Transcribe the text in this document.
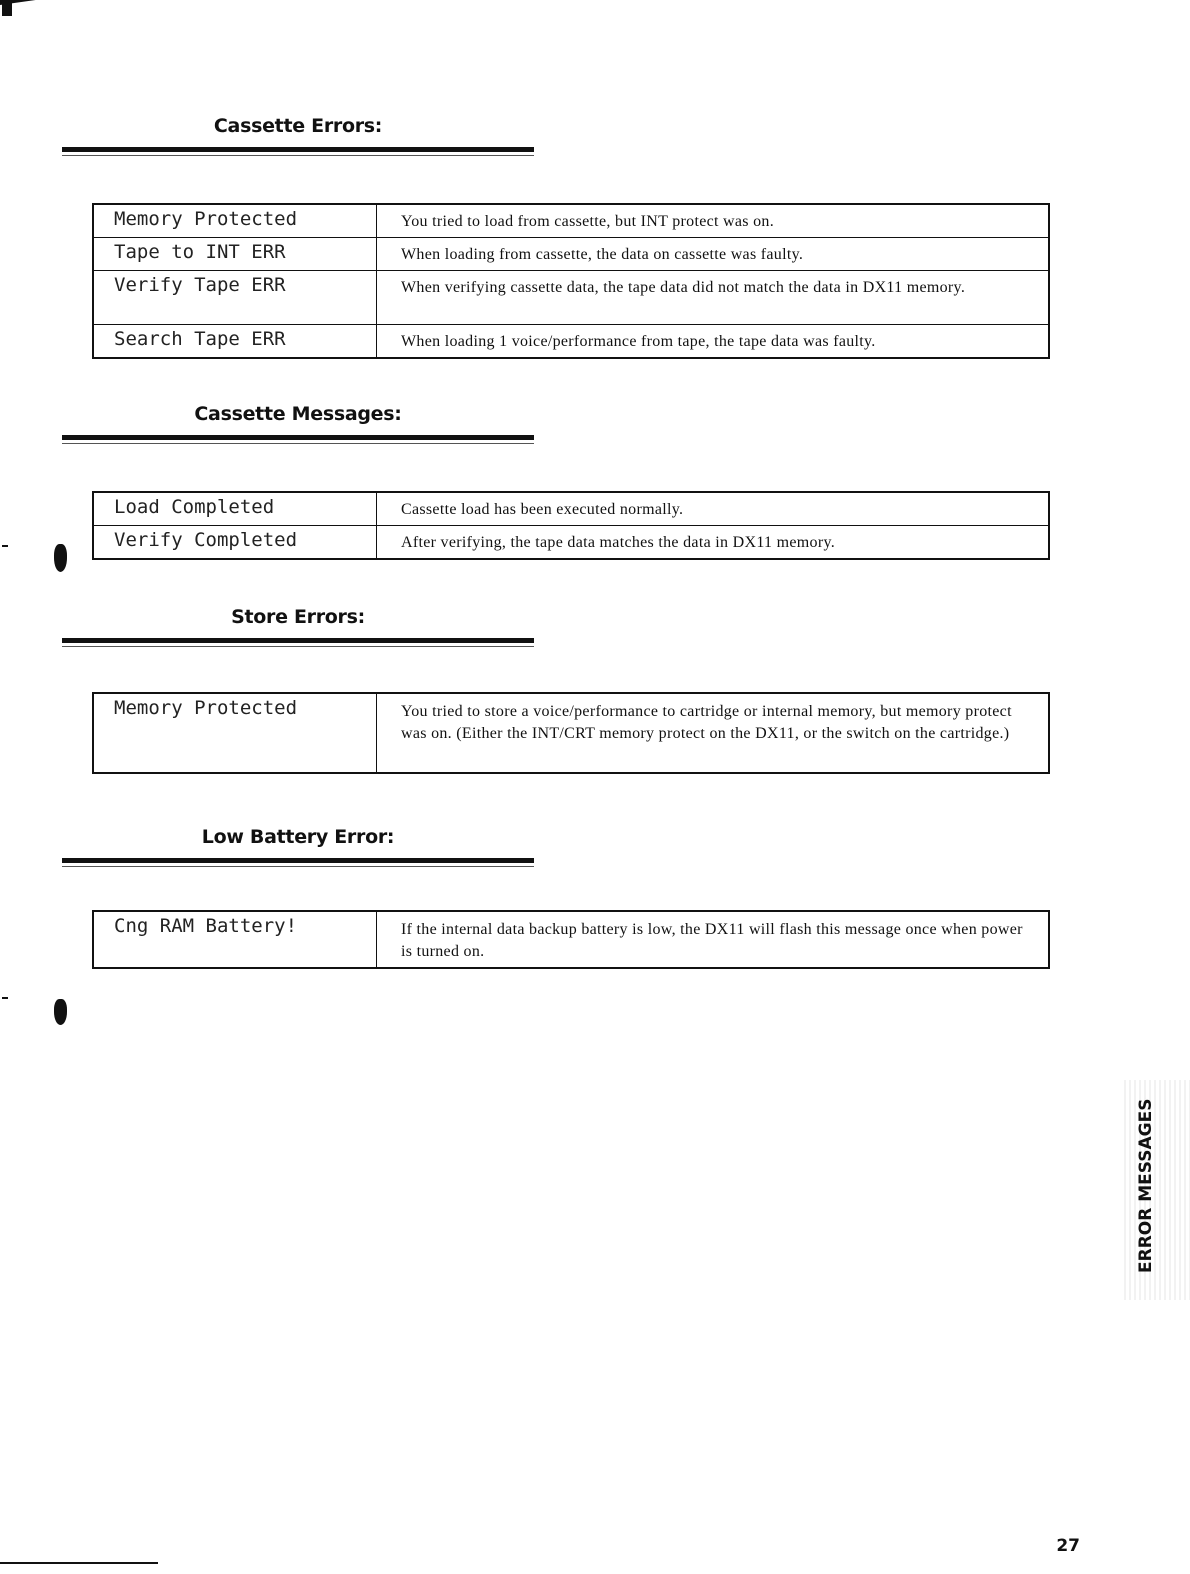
Cassette Errors:
Memory Protected	You tried to load from cassette, but INT protect was on.
Tape to INT ERR	When loading from cassette, the data on cassette was faulty.
Verify Tape ERR	When verifying cassette data, the tape data did not match the data in DX11 memory.
Search Tape ERR	When loading 1 voice/performance from tape, the tape data was faulty.
Cassette Messages:
Load Completed	Cassette load has been executed normally.
Verify Completed	After verifying, the tape data matches the data in DX11 memory.
Store Errors:
Memory Protected	You tried to store a voice/performance to cartridge or internal memory, but memory protect was on. (Either the INT/CRT memory protect on the DX11, or the switch on the cartridge.)
Low Battery Error:
Cng RAM Battery!	If the internal data backup battery is low, the DX11 will flash this message once when power is turned on.
ERROR MESSAGES
27
